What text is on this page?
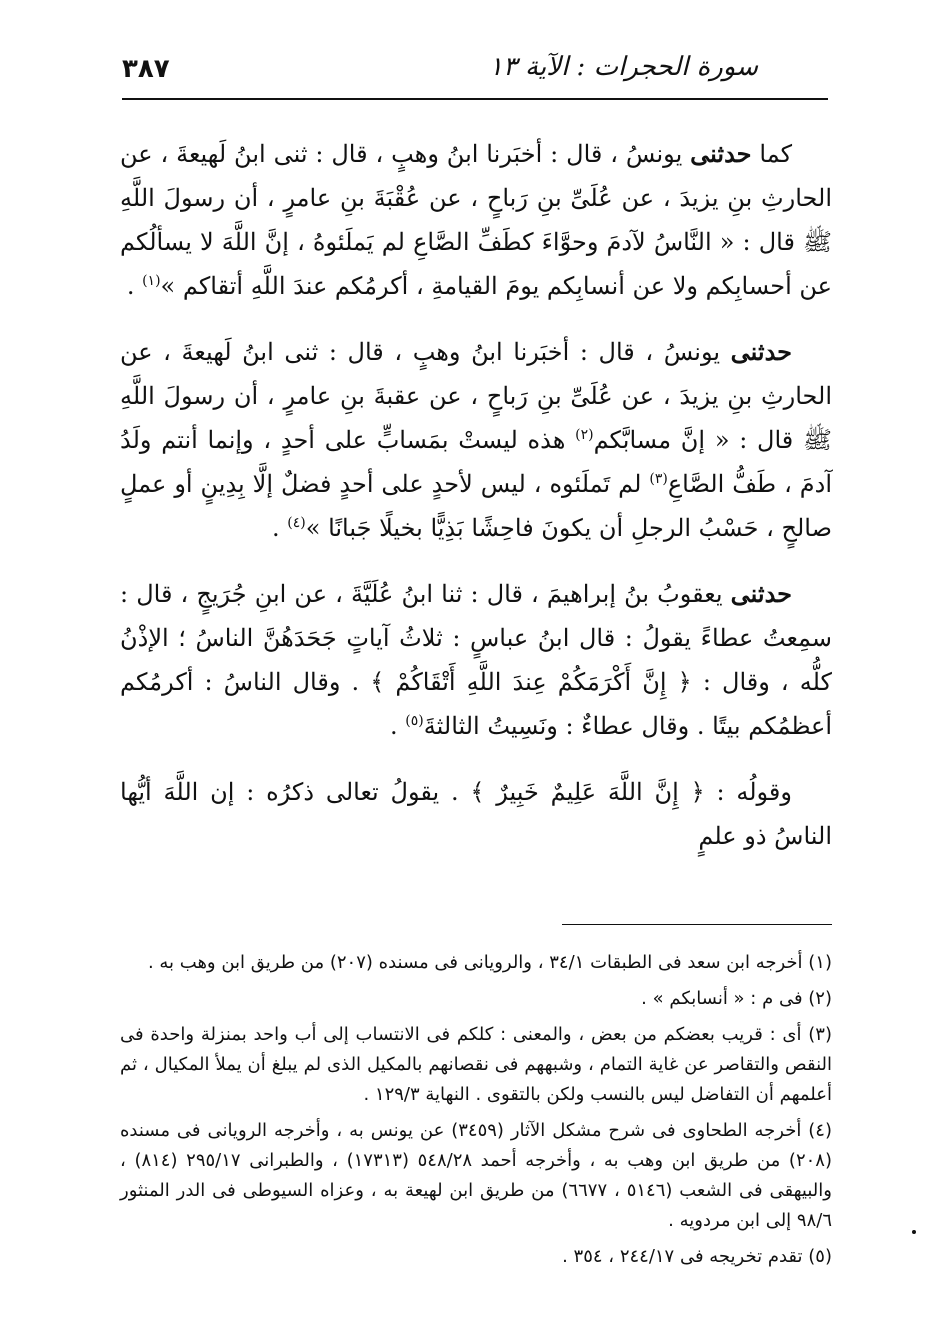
٣٨٧	سورة الحجرات : الآية ١٣

كما حدثنى يونسُ ، قال : أخبَرنا ابنُ وهبٍ ، قال : ثنى ابنُ لَهيعةَ ، عن الحارثِ بنِ يزيدَ ، عن عُلَىِّ بنِ رَباحٍ ، عن عُقْبَةَ بنِ عامرٍ ، أن رسولَ اللَّهِ ﷺ قال : « النَّاسُ لآدمَ وحوَّاءَ كطَفِّ الصَّاعِ لم يَملَئوهُ ، إنَّ اللَّهَ لا يسألُكم عن أحسابِكم ولا عن أنسابِكم يومَ القيامةِ ، أكرمُكم عندَ اللَّهِ أتقاكم »$^{(١)}$ .

حدثنى يونسُ ، قال : أخبَرنا ابنُ وهبٍ ، قال : ثنى ابنُ لَهيعةَ ، عن الحارثِ بنِ يزيدَ ، عن عُلَىِّ بنِ رَباحٍ ، عن عقبةَ بنِ عامرٍ ، أن رسولَ اللَّهِ ﷺ قال : « إنَّ مسابَّكم$^{(٢)}$ هذه ليستْ بمَسابٍّ على أحدٍ ، وإنما أنتم ولَدُ آدمَ ، طَفُّ الصَّاعِ$^{(٣)}$ لم تَملَئوه ، ليس لأحدٍ على أحدٍ فضلٌ إلَّا بِدِينٍ أو عملٍ صالحٍ ، حَسْبُ الرجلِ أن يكونَ فاحِشًا بَذِيًّا بخيلًا جَبانًا »$^{(٤)}$ .

حدثنى يعقوبُ بنُ إبراهيمَ ، قال : ثنا ابنُ عُلَيَّةَ ، عن ابنِ جُرَيجٍ ، قال : سمِعتُ عطاءً يقولُ : قال ابنُ عباسٍ : ثلاثُ آياتٍ جَحَدَهُنَّ الناسُ ؛ الإذْنُ كلُّه ، وقال : ﴿ إِنَّ أَكْرَمَكُمْ عِندَ اللَّهِ أَتْقَاكُمْ ﴾ . وقال الناسُ : أكرمُكم أعظمُكم بيتًا . وقال عطاءٌ : ونَسِيتُ الثالثةَ$^{(٥)}$ .

وقولُه : ﴿ إِنَّ اللَّهَ عَلِيمٌ خَبِيرٌ ﴾ . يقولُ تعالى ذكرُه : إن اللَّهَ أيُّها الناسُ ذو علمٍ

(١) أخرجه ابن سعد فى الطبقات ٣٤/١ ، والرويانى فى مسنده (٢٠٧) من طريق ابن وهب به .

(٢) فى م : « أنسابكم » .

(٣) أى : قريب بعضكم من بعض ، والمعنى : كلكم فى الانتساب إلى أب واحد بمنزلة واحدة فى النقص والتقاصر عن غاية التمام ، وشبههم فى نقصانهم بالمكيل الذى لم يبلغ أن يملأ المكيال ، ثم أعلمهم أن التفاضل ليس بالنسب ولكن بالتقوى . النهاية ١٢٩/٣ .

(٤) أخرجه الطحاوى فى شرح مشكل الآثار (٣٤٥٩) عن يونس به ، وأخرجه الرويانى فى مسنده (٢٠٨) من طريق ابن وهب به ، وأخرجه أحمد ٥٤٨/٢٨ (١٧٣١٣) ، والطبرانى ٢٩٥/١٧ (٨١٤) ، والبيهقى فى الشعب (٥١٤٦ ، ٦٦٧٧) من طريق ابن لهيعة به ، وعزاه السيوطى فى الدر المنثور ٩٨/٦ إلى ابن مردويه .

(٥) تقدم تخريجه فى ٢٤٤/١٧ ، ٣٥٤ .
